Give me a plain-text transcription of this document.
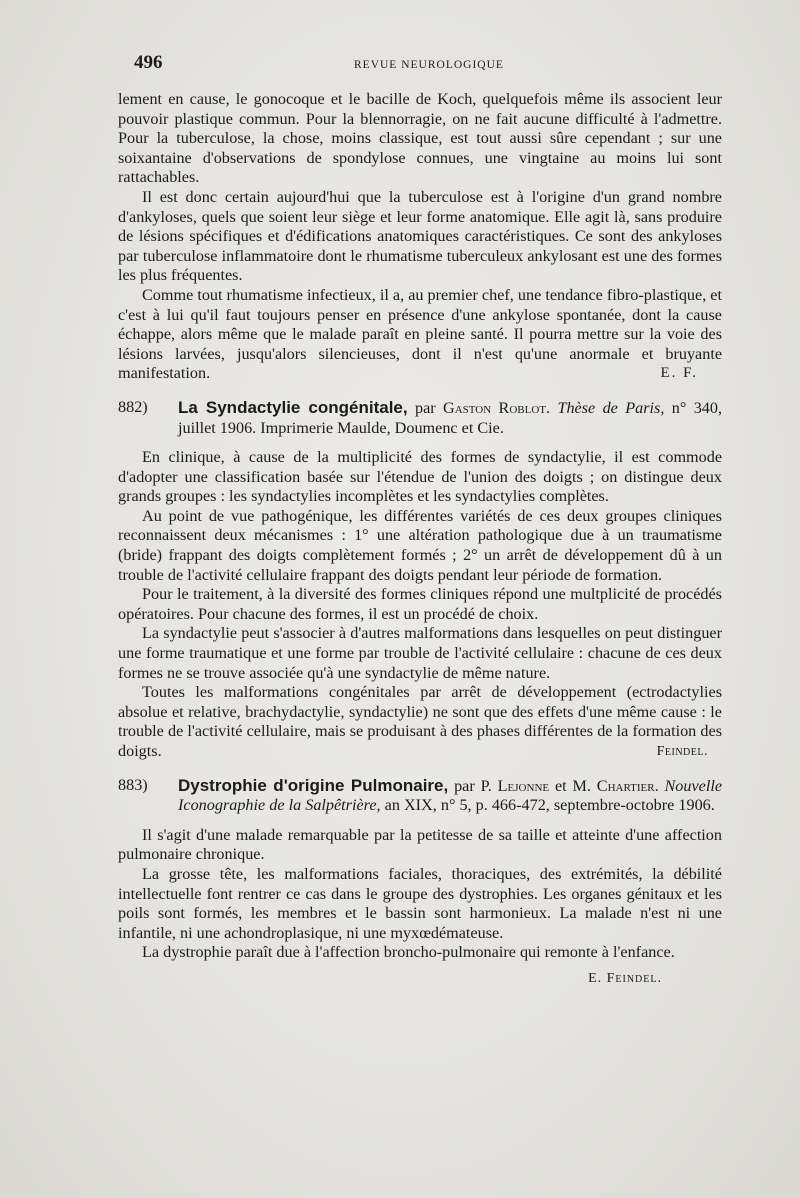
496	REVUE NEUROLOGIQUE

lement en cause, le gonocoque et le bacille de Koch, quelquefois même ils associent leur pouvoir plastique commun. Pour la blennorragie, on ne fait aucune difficulté à l'admettre. Pour la tuberculose, la chose, moins classique, est tout aussi sûre cependant ; sur une soixantaine d'observations de spondylose connues, une vingtaine au moins lui sont rattachables.

Il est donc certain aujourd'hui que la tuberculose est à l'origine d'un grand nombre d'ankyloses, quels que soient leur siège et leur forme anatomique. Elle agit là, sans produire de lésions spécifiques et d'édifications anatomiques caractéristiques. Ce sont des ankyloses par tuberculose inflammatoire dont le rhumatisme tuberculeux ankylosant est une des formes les plus fréquentes.

Comme tout rhumatisme infectieux, il a, au premier chef, une tendance fibro-plastique, et c'est à lui qu'il faut toujours penser en présence d'une ankylose spontanée, dont la cause échappe, alors même que le malade paraît en pleine santé. Il pourra mettre sur la voie des lésions larvées, jusqu'alors silencieuses, dont il n'est qu'une anormale et bruyante manifestation.	E. F.

882) La Syndactylie congénitale, par Gaston Roblot. Thèse de Paris, n° 340, juillet 1906. Imprimerie Maulde, Doumenc et Cie.

En clinique, à cause de la multiplicité des formes de syndactylie, il est commode d'adopter une classification basée sur l'étendue de l'union des doigts ; on distingue deux grands groupes : les syndactylies incomplètes et les syndactylies complètes.

Au point de vue pathogénique, les différentes variétés de ces deux groupes cliniques reconnaissent deux mécanismes : 1° une altération pathologique due à un traumatisme (bride) frappant des doigts complètement formés ; 2° un arrêt de développement dû à un trouble de l'activité cellulaire frappant des doigts pendant leur période de formation.

Pour le traitement, à la diversité des formes cliniques répond une multplicité de procédés opératoires. Pour chacune des formes, il est un procédé de choix.

La syndactylie peut s'associer à d'autres malformations dans lesquelles on peut distinguer une forme traumatique et une forme par trouble de l'activité cellulaire : chacune de ces deux formes ne se trouve associée qu'à une syndactylie de même nature.

Toutes les malformations congénitales par arrêt de développement (ectrodactylies absolue et relative, brachydactylie, syndactylie) ne sont que des effets d'une même cause : le trouble de l'activité cellulaire, mais se produisant à des phases différentes de la formation des doigts.	Feindel.

883) Dystrophie d'origine Pulmonaire, par P. Lejonne et M. Chartier. Nouvelle Iconographie de la Salpêtrière, an XIX, n° 5, p. 466-472, septembre-octobre 1906.

Il s'agit d'une malade remarquable par la petitesse de sa taille et atteinte d'une affection pulmonaire chronique.

La grosse tête, les malformations faciales, thoraciques, des extrémités, la débilité intellectuelle font rentrer ce cas dans le groupe des dystrophies. Les organes génitaux et les poils sont formés, les membres et le bassin sont harmonieux. La malade n'est ni une infantile, ni une achondroplasique, ni une myxœdémateuse.

La dystrophie paraît due à l'affection broncho-pulmonaire qui remonte à l'enfance.

E. Feindel.
